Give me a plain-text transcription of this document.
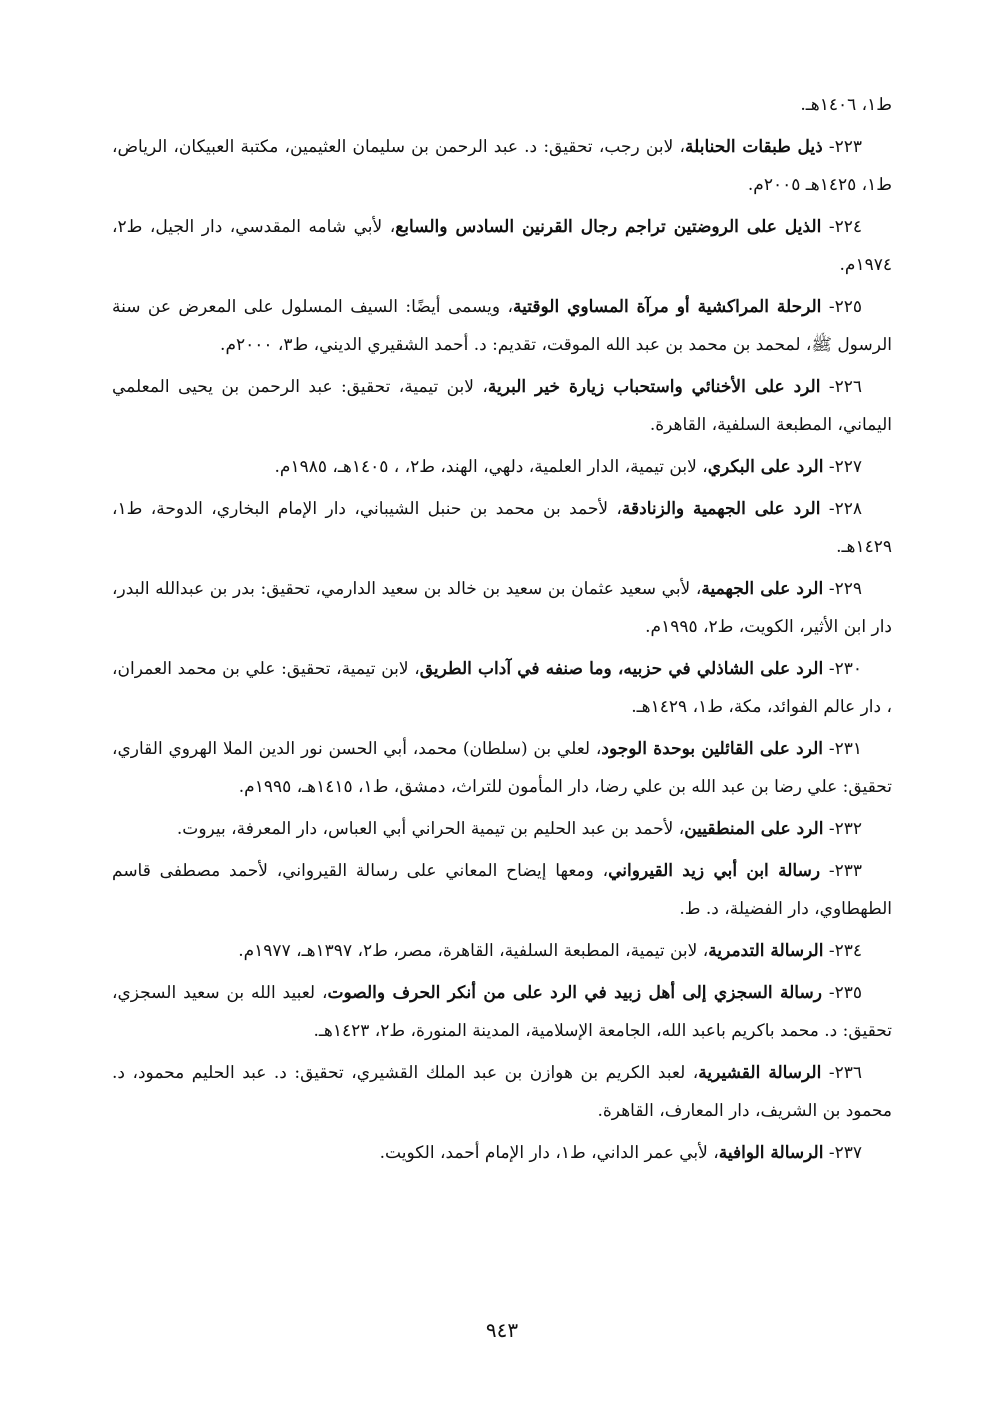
ط١، ١٤٠٦هـ.

٢٢٣- ذيل طبقات الحنابلة، لابن رجب، تحقيق: د. عبد الرحمن بن سليمان العثيمين، مكتبة العبيكان، الرياض، ط١، ١٤٢٥هـ ٢٠٠٥م.

٢٢٤- الذيل على الروضتين تراجم رجال القرنين السادس والسابع، لأبي شامه المقدسي، دار الجيل، ط٢، ١٩٧٤م.

٢٢٥- الرحلة المراكشية أو مرآة المساوي الوقتية، ويسمى أيضًا: السيف المسلول على المعرض عن سنة الرسول ﷺ، لمحمد بن محمد بن عبد الله الموقت، تقديم: د. أحمد الشقيري الديني، ط٣، ٢٠٠٠م.

٢٢٦- الرد على الأخنائي واستحباب زيارة خير البرية، لابن تيمية، تحقيق: عبد الرحمن بن يحيى المعلمي اليماني، المطبعة السلفية، القاهرة.

٢٢٧- الرد على البكري، لابن تيمية، الدار العلمية، دلهي، الهند، ط٢، ، ١٤٠٥هـ، ١٩٨٥م.

٢٢٨- الرد على الجهمية والزنادقة، لأحمد بن محمد بن حنبل الشيباني، دار الإمام البخاري، الدوحة، ط١، ١٤٢٩هـ.

٢٢٩- الرد على الجهمية، لأبي سعيد عثمان بن سعيد بن خالد بن سعيد الدارمي، تحقيق: بدر بن عبدالله البدر، دار ابن الأثير، الكويت، ط٢، ١٩٩٥م.

٢٣٠- الرد على الشاذلي في حزبيه، وما صنفه في آداب الطريق، لابن تيمية، تحقيق: علي بن محمد العمران، ، دار عالم الفوائد، مكة، ط١، ١٤٢٩هـ.

٢٣١- الرد على القائلين بوحدة الوجود، لعلي بن (سلطان) محمد، أبي الحسن نور الدين الملا الهروي القاري، تحقيق: علي رضا بن عبد الله بن علي رضا، دار المأمون للتراث، دمشق، ط١، ١٤١٥هـ، ١٩٩٥م.

٢٣٢- الرد على المنطقيين، لأحمد بن عبد الحليم بن تيمية الحراني أبي العباس، دار المعرفة، بيروت.

٢٣٣- رسالة ابن أبي زيد القيرواني، ومعها إيضاح المعاني على رسالة القيرواني، لأحمد مصطفى قاسم الطهطاوي، دار الفضيلة، د. ط.

٢٣٤- الرسالة التدمرية، لابن تيمية، المطبعة السلفية، القاهرة، مصر، ط٢، ١٣٩٧هـ، ١٩٧٧م.

٢٣٥- رسالة السجزي إلى أهل زبيد في الرد على من أنكر الحرف والصوت، لعبيد الله بن سعيد السجزي، تحقيق: د. محمد باكريم باعبد الله، الجامعة الإسلامية، المدينة المنورة، ط٢، ١٤٢٣هـ.

٢٣٦- الرسالة القشيرية، لعبد الكريم بن هوازن بن عبد الملك القشيري، تحقيق: د. عبد الحليم محمود، د. محمود بن الشريف، دار المعارف، القاهرة.

٢٣٧- الرسالة الوافية، لأبي عمر الداني، ط١، دار الإمام أحمد، الكويت.

٩٤٣
